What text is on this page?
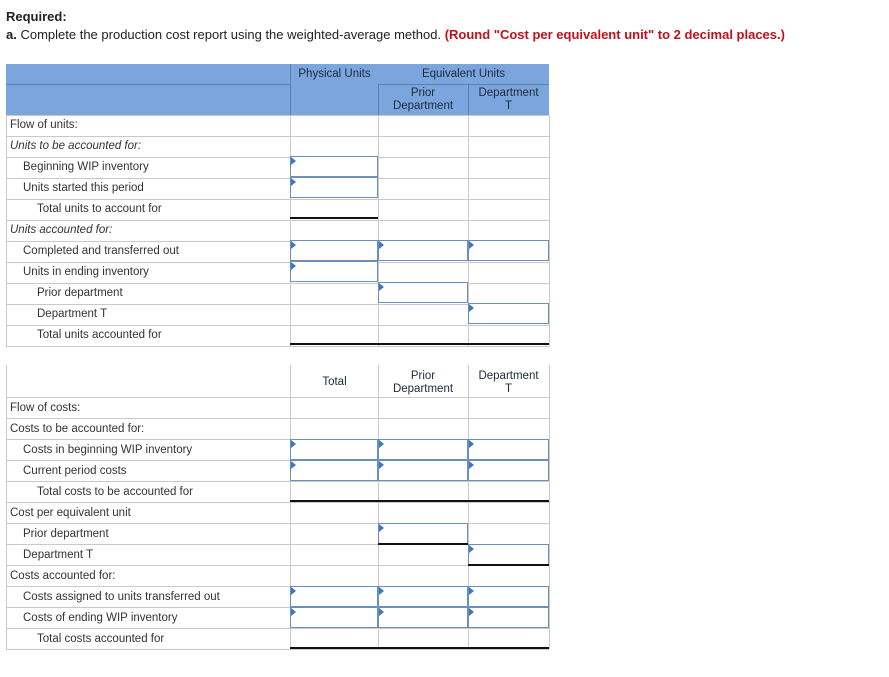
Required:
a. Complete the production cost report using the weighted-average method. (Round "Cost per equivalent unit" to 2 decimal places.)
Physical Units	Equivalent Units
Prior
Department
Department
T
Flow of units:
Units to be accounted for:
Beginning WIP inventory
Units started this period
Total units to account for
Units accounted for:
Completed and transferred out
Units in ending inventory
Prior department
Department T
Total units accounted for
Total	Prior
Department
Department
T
Flow of costs:
Costs to be accounted for:
Costs in beginning WIP inventory
Current period costs
Total costs to be accounted for
Cost per equivalent unit
Prior department
Department T
Costs accounted for:
Costs assigned to units transferred out
Costs of ending WIP inventory
Total costs accounted for
